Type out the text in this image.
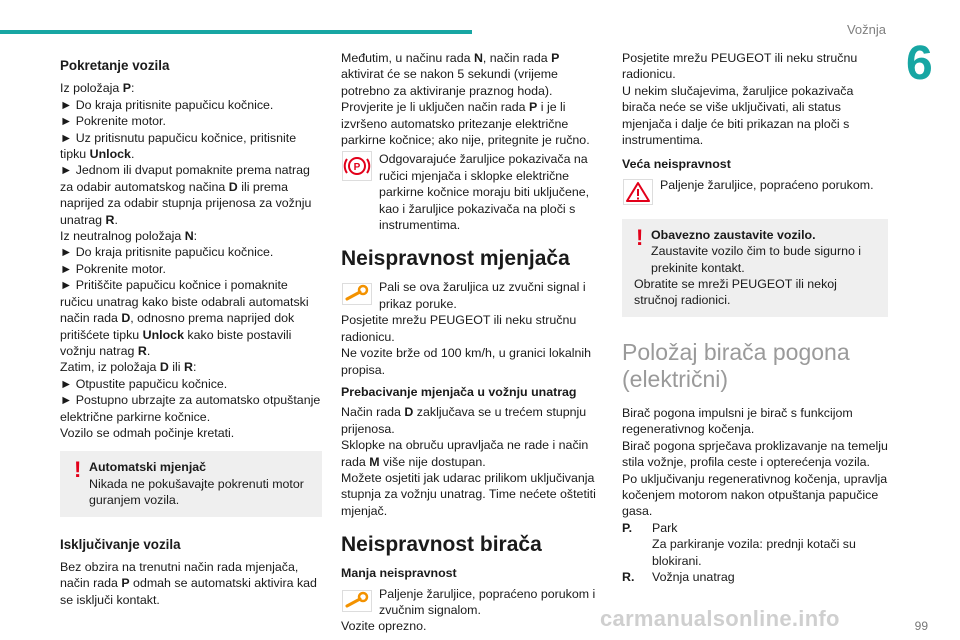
Vožnja
6
Pokretanje vozila

Iz položaja P:

► Do kraja pritisnite papučicu kočnice.

► Pokrenite motor.

► Uz pritisnutu papučicu kočnice, pritisnite tipku Unlock.

► Jednom ili dvaput pomaknite prema natrag za odabir automatskog načina D ili prema naprijed za odabir stupnja prijenosa za vožnju unatrag R.

Iz neutralnog položaja N:

► Do kraja pritisnite papučicu kočnice.

► Pokrenite motor.

► Pritiščite papučicu kočnice i pomaknite ručicu unatrag kako biste odabrali automatski način rada D, odnosno prema naprijed dok pritišćete tipku Unlock kako biste postavili vožnju natrag R.

Zatim, iz položaja D ili R:

► Otpustite papučicu kočnice.

► Postupno ubrzajte za automatsko otpuštanje električne parkirne kočnice.

Vozilo se odmah počinje kretati.

! Automatski mjenjač
Nikada ne pokušavajte pokrenuti motor guranjem vozila.
Isključivanje vozila

Bez obzira na trenutni način rada mjenjača, način rada P odmah se automatski aktivira kad se isključi kontakt.

Međutim, u načinu rada N, način rada P aktivirat će se nakon 5 sekundi (vrijeme potrebno za aktiviranje praznog hoda).

Provjerite je li uključen način rada P i je li izvršeno automatsko pritezanje električne parkirne kočnice; ako nije, pritegnite je ručno.

P

Odgovarajuće žaruljice pokazivača na ručici mjenjača i sklopke električne parkirne kočnice moraju biti uključene, kao i žaruljice pokazivača na ploči s instrumentima.

Neispravnost mjenjača

Pali se ova žaruljica uz zvučni signal i prikaz poruke.

Posjetite mrežu PEUGEOT ili neku stručnu radionicu.
Ne vozite brže od 100 km/h, u granici lokalnih propisa.

Prebacivanje mjenjača u vožnju unatrag

Način rada D zaključava se u trećem stupnju prijenosa.

Sklopke na obruču upravljača ne rade i način rada M više nije dostupan.

Možete osjetiti jak udarac prilikom uključivanja stupnja za vožnju unatrag. Time nećete oštetiti mjenjač.

Neispravnost birača
Manja neispravnost

Paljenje žaruljice, popraćeno porukom i zvučnim signalom.

Vozite oprezno.

Posjetite mrežu PEUGEOT ili neku stručnu radionicu.

U nekim slučajevima, žaruljice pokazivača birača neće se više uključivati, ali status mjenjača i dalje će biti prikazan na ploči s instrumentima.

Veća neispravnost

Paljenje žaruljice, popraćeno porukom.

! Obavezno zaustavite vozilo.
Zaustavite vozilo čim to bude sigurno i prekinite kontakt.
Obratite se mreži PEUGEOT ili nekoj stručnoj radionici.
Položaj birača pogona (električni)

Birač pogona impulsni je birač s funkcijom regenerativnog kočenja.

Birač pogona sprječava proklizavanje na temelju stila vožnje, profila ceste i opterećenja vozila.

Po uključivanju regenerativnog kočenja, upravlja kočenjem motorom nakon otpuštanja papučice gasa.

P.	Park
Za parkiranje vozila: prednji kotači su blokirani.
R.	Vožnja unatrag
carmanualsonline.info	99
